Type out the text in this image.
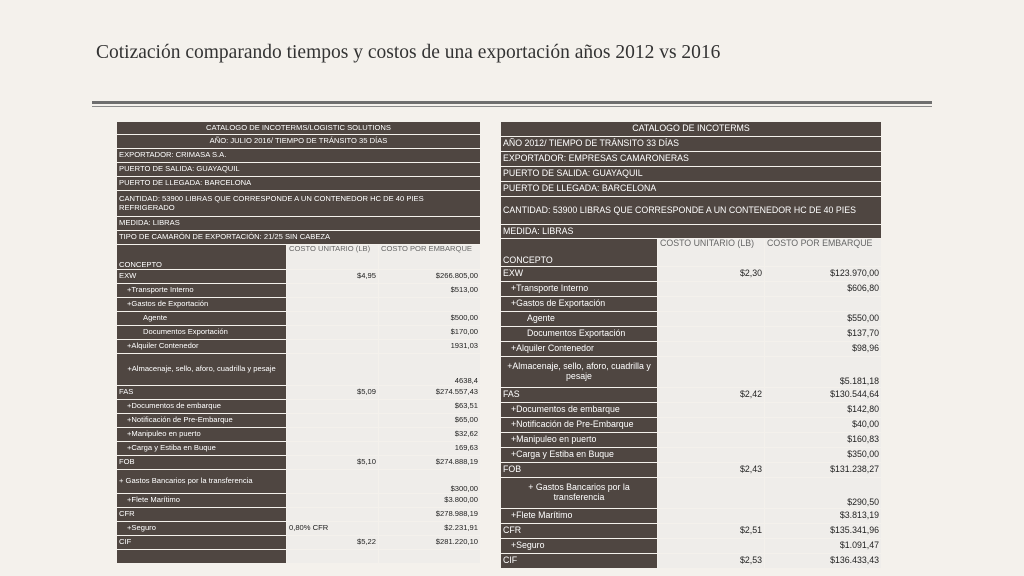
Cotización comparando tiempos y costos de una exportación años 2012 vs 2016
CATALOGO DE INCOTERMS/LOGISTIC SOLUTIONS		
AÑO: JULIO 2016/ TIEMPO DE TRÁNSITO 35 DÍAS		
EXPORTADOR: CRIMASA S.A.		
PUERTO DE SALIDA: GUAYAQUIL		
PUERTO DE LLEGADA: BARCELONA		
CANTIDAD: 53900 LIBRAS QUE CORRESPONDE A UN CONTENEDOR HC DE 40 PIES REFRIGERADO		
MEDIDA: LIBRAS		
TIPO DE CAMARÓN DE EXPORTACIÓN: 21/25 SIN CABEZA		
CONCEPTO	COSTO UNITARIO (LB)	COSTO POR EMBARQUE
EXW	$4,95	$266.805,00
+Transporte Interno		$513,00
+Gastos de Exportación		
Agente		$500,00
Documentos Exportación		$170,00
+Alquiler Contenedor		1931,03
+Almacenaje, sello, aforo, cuadrilla y pesaje		4638,4
FAS	$5,09	$274.557,43
+Documentos de embarque		$63,51
+Notificación de Pre-Embarque		$65,00
+Manipuleo en puerto		$32,62
+Carga y Estiba en Buque		169,63
FOB	$5,10	$274.888,19
+ Gastos Bancarios por la transferencia		$300,00
+Flete Marítimo		$3.800,00
CFR		$278.988,19
+Seguro	0,80% CFR	$2.231,91
CIF	$5,22	$281.220,10

CATALOGO DE INCOTERMS		
AÑO 2012/ TIEMPO DE TRÁNSITO 33 DÍAS		
EXPORTADOR: EMPRESAS CAMARONERAS		
PUERTO DE SALIDA: GUAYAQUIL		
PUERTO DE LLEGADA: BARCELONA		
CANTIDAD: 53900 LIBRAS QUE CORRESPONDE A UN CONTENEDOR HC DE 40 PIES		
MEDIDA: LIBRAS		
CONCEPTO	COSTO UNITARIO (LB)	COSTO POR EMBARQUE
EXW	$2,30	$123.970,00
+Transporte Interno		$606,80
+Gastos de Exportación		
Agente		$550,00
Documentos Exportación		$137,70
+Alquiler Contenedor		$98,96
+Almacenaje, sello, aforo, cuadrilla y pesaje		$5.181,18
FAS	$2,42	$130.544,64
+Documentos de embarque		$142,80
+Notificación de Pre-Embarque		$40,00
+Manipuleo en puerto		$160,83
+Carga y Estiba en Buque		$350,00
FOB	$2,43	$131.238,27
+ Gastos Bancarios por la transferencia		$290,50
+Flete Marítimo		$3.813,19
CFR	$2,51	$135.341,96
+Seguro		$1.091,47
CIF	$2,53	$136.433,43
